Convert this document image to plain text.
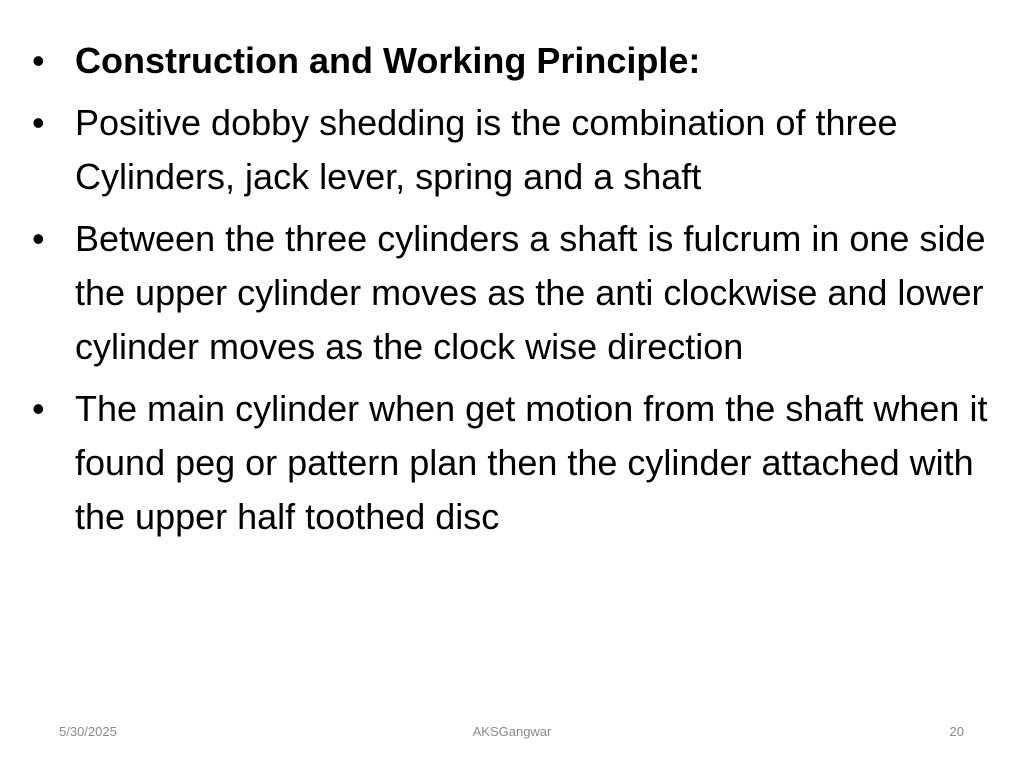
• Construction and Working Principle:
• Positive dobby shedding is the combination of three Cylinders, jack lever, spring and a shaft
• Between the three cylinders a shaft is fulcrum in one side the upper cylinder moves as the anti clockwise and lower cylinder moves as the clock wise direction
• The main cylinder when get motion from the shaft when it found peg or pattern plan then the cylinder attached with the upper half toothed disc
5/30/2025	AKSGangwar	20
